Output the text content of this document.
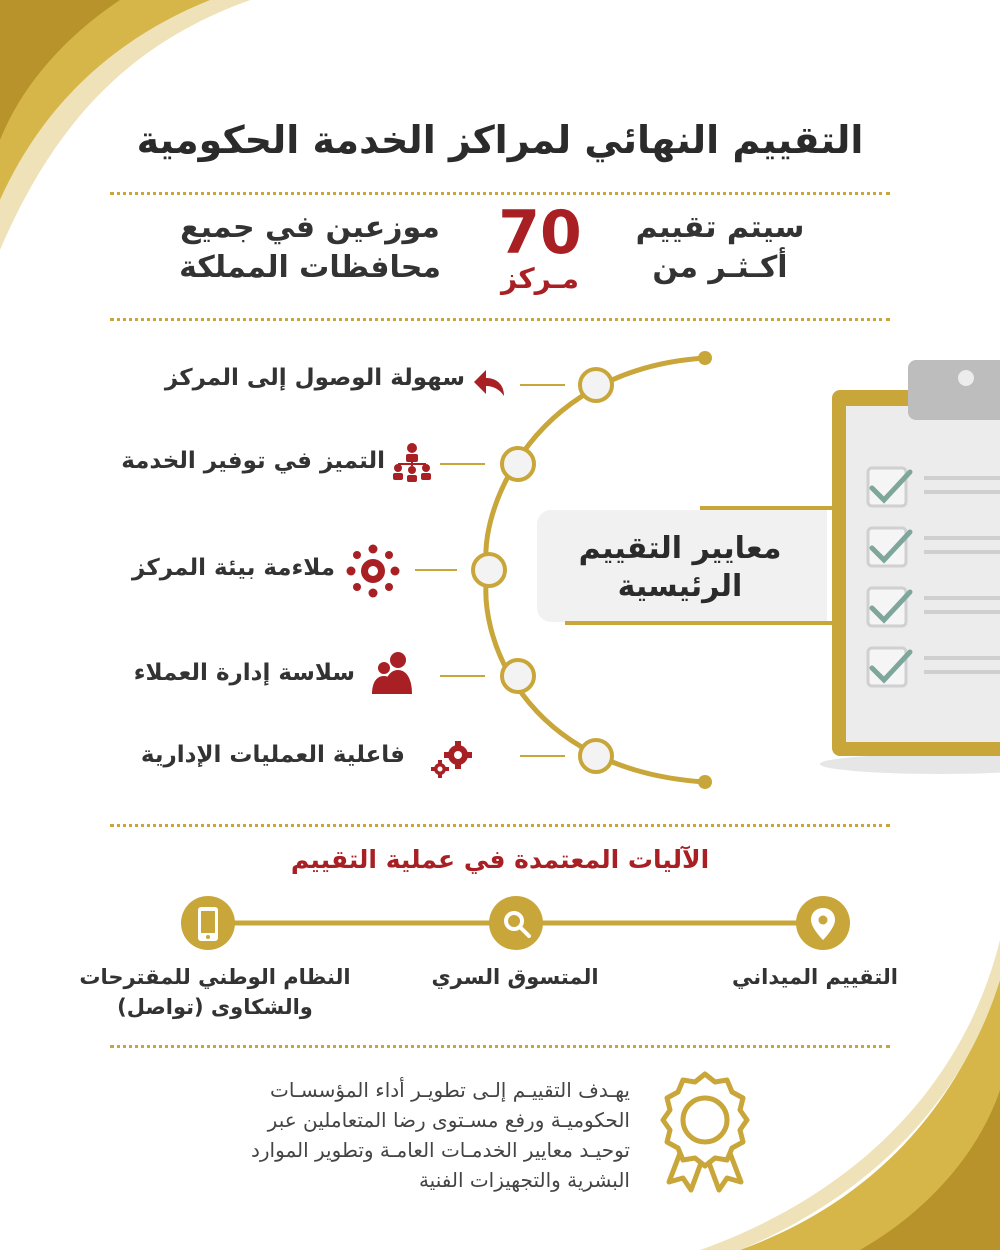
التقييم النهائي لمراكز الخدمة الحكومية
سيتم تقييم
أكـثـر من
70
مـركز
موزعين في جميع
محافظات المملكة
سهولة الوصول إلى المركز
التميز في توفير الخدمة
ملاءمة بيئة المركز
سلاسة إدارة العملاء
فاعلية العمليات الإدارية
معايير التقييم
الرئيسية
الآليات المعتمدة في عملية التقييم
التقييم الميداني
المتسوق السري
النظام الوطني للمقترحات
والشكاوى (تواصل)
يهـدف التقييـم إلـى تطويـر أداء المؤسسـات
الحكوميـة ورفع مسـتوى رضا المتعاملين عبر
توحيـد معايير الخدمـات العامـة وتطوير الموارد
البشرية والتجهيزات الفنية
